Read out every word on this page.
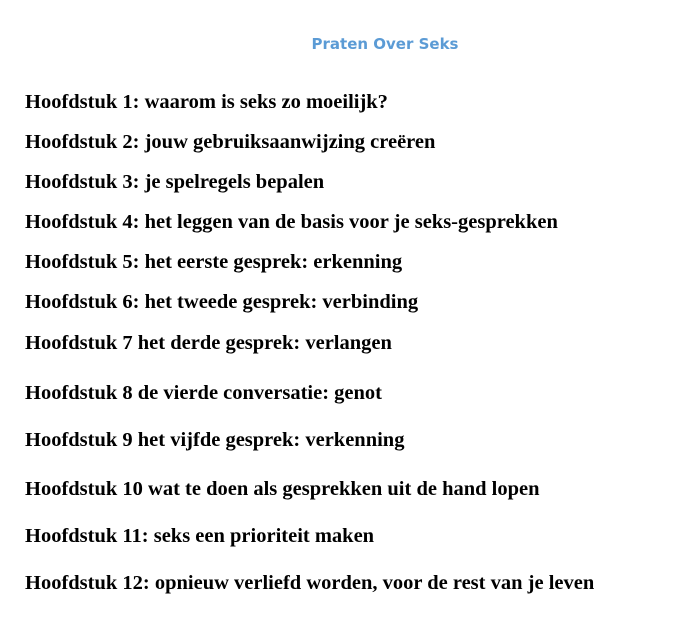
Praten Over Seks
Hoofdstuk 1: waarom is seks zo moeilijk?
Hoofdstuk 2: jouw gebruiksaanwijzing creëren
Hoofdstuk 3: je spelregels bepalen
Hoofdstuk 4: het leggen van de basis voor je seks-gesprekken
Hoofdstuk 5: het eerste gesprek: erkenning
Hoofdstuk 6: het tweede gesprek: verbinding
Hoofdstuk 7 het derde gesprek: verlangen
Hoofdstuk 8 de vierde conversatie: genot
Hoofdstuk 9 het vijfde gesprek: verkenning
Hoofdstuk 10 wat te doen als gesprekken uit de hand lopen
Hoofdstuk 11: seks een prioriteit maken
Hoofdstuk 12: opnieuw verliefd worden, voor de rest van je leven
